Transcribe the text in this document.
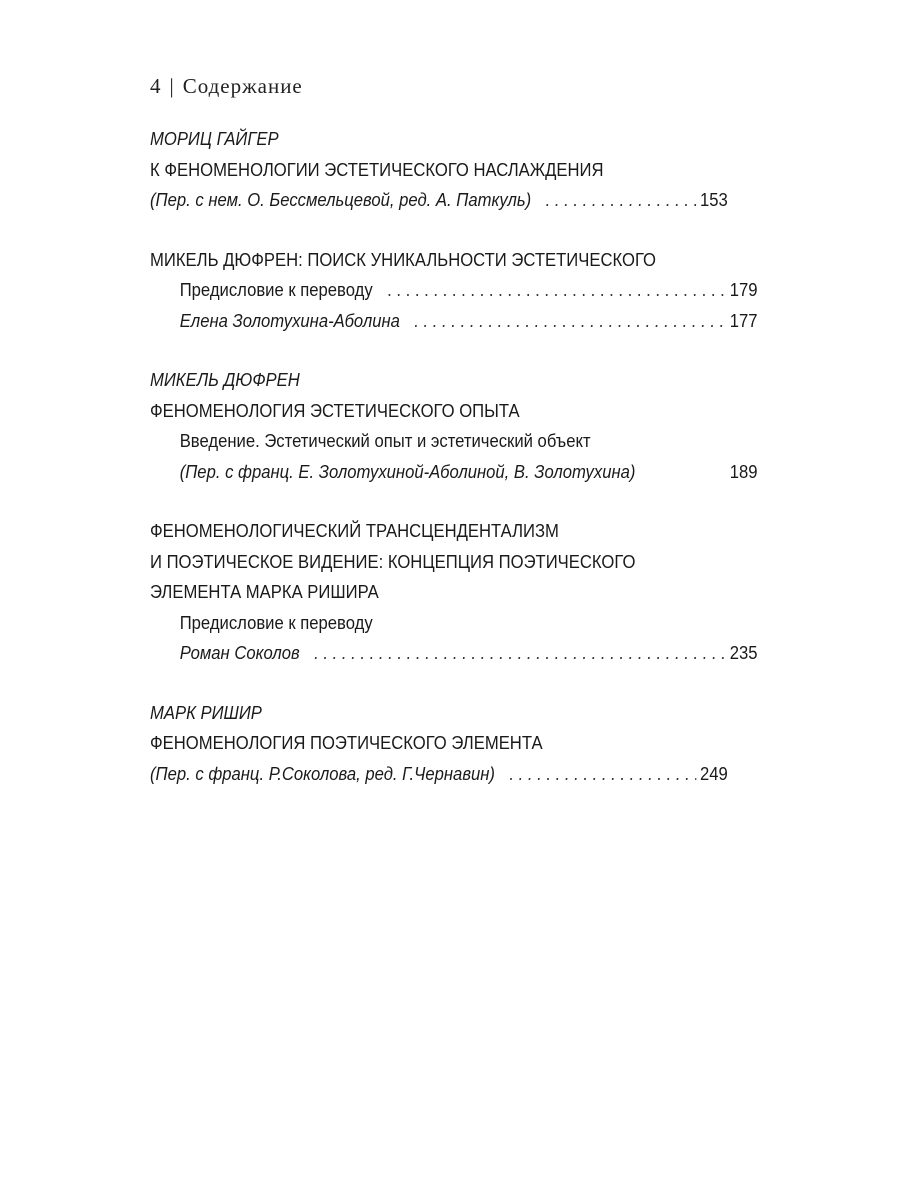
4 | Содержание
МОРИЦ ГАЙГЕР
К ФЕНОМЕНОЛОГИИ ЭСТЕТИЧЕСКОГО НАСЛАЖДЕНИЯ
(Пер. с нем. О. Бессмельцевой, ред. А. Паткуль) . . .	153
МИКЕЛЬ ДЮФРЕН: ПОИСК УНИКАЛЬНОСТИ ЭСТЕТИЧЕСКОГО
Предисловие к переводу . . .	179
Елена Золотухина-Аболина . . .	177
МИКЕЛЬ ДЮФРЕН
ФЕНОМЕНОЛОГИЯ ЭСТЕТИЧЕСКОГО ОПЫТА
Введение. Эстетический опыт и эстетический объект
(Пер. с франц. Е. Золотухиной-Аболиной, В. Золотухина)	189
ФЕНОМЕНОЛОГИЧЕСКИЙ ТРАНСЦЕНДЕНТАЛИЗМ
И ПОЭТИЧЕСКОЕ ВИДЕНИЕ: КОНЦЕПЦИЯ ПОЭТИЧЕСКОГО
ЭЛЕМЕНТА МАРКА РИШИРА
Предисловие к переводу
Роман Соколов . . .	235
МАРК РИШИР
ФЕНОМЕНОЛОГИЯ ПОЭТИЧЕСКОГО ЭЛЕМЕНТА
(Пер. с франц. Р.Соколова, ред. Г.Чернавин) . . .	249
